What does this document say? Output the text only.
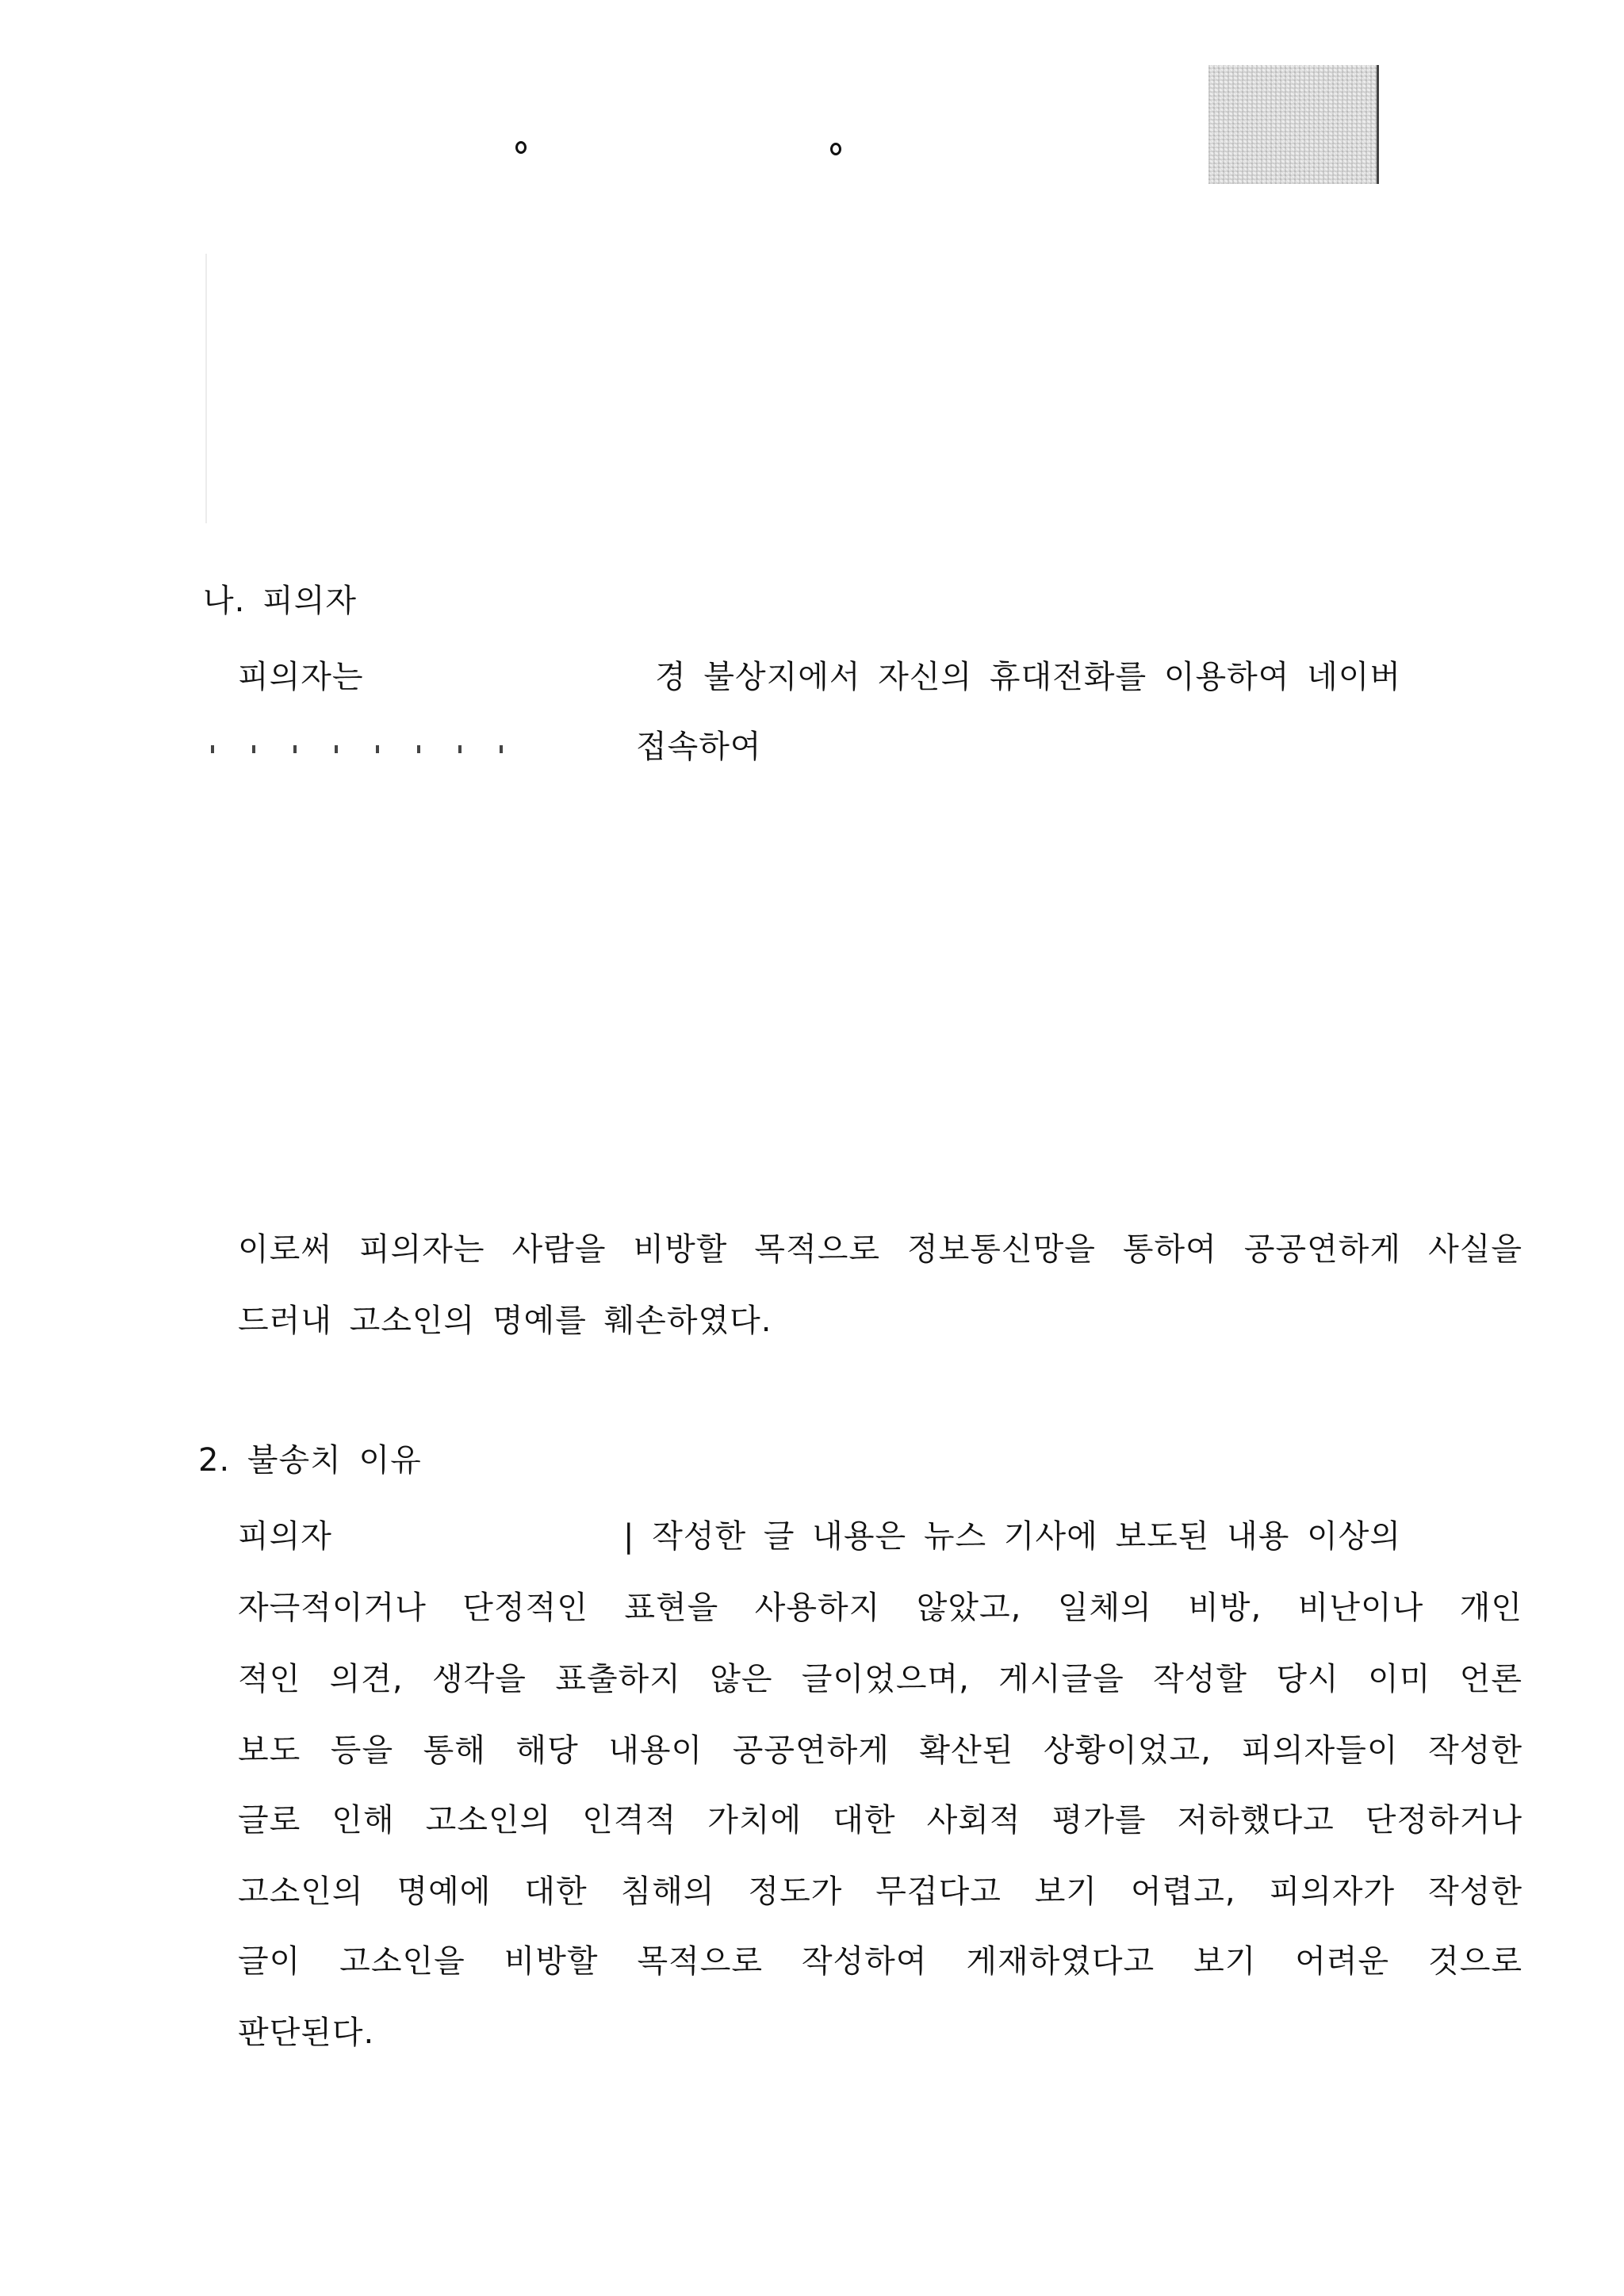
나. 피의자
피의자는	경 불상지에서 자신의 휴대전화를 이용하여 네이버
접속하여
이로써 피의자는 사람을 비방할 목적으로 정보통신망을 통하여 공공연하게 사실을
드러내 고소인의 명예를 훼손하였다.
2. 불송치 이유
피의자	| 작성한 글 내용은 뉴스 기사에 보도된 내용 이상의
자극적이거나 단정적인 표현을 사용하지 않았고, 일체의 비방, 비난이나 개인
적인 의견, 생각을 표출하지 않은 글이었으며, 게시글을 작성할 당시 이미 언론
보도 등을 통해 해당 내용이 공공연하게 확산된 상황이었고, 피의자들이 작성한
글로 인해 고소인의 인격적 가치에 대한 사회적 평가를 저하했다고 단정하거나
고소인의 명예에 대한 침해의 정도가 무겁다고 보기 어렵고, 피의자가 작성한
글이 고소인을 비방할 목적으로 작성하여 게재하였다고 보기 어려운 것으로
판단된다.
